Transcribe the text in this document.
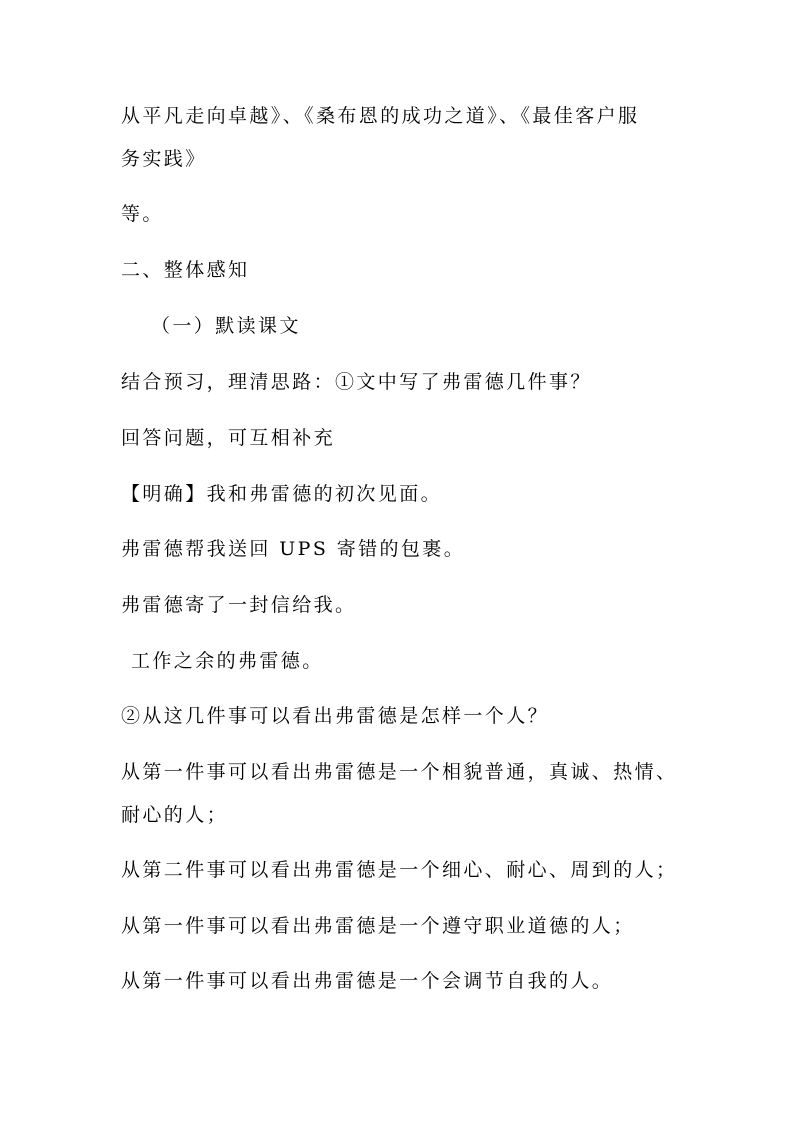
从平凡走向卓越》、《桑布恩的成功之道》、《最佳客户服
务实践》
等。
二、整体感知
（一）默读课文
结合预习，理清思路：①文中写了弗雷德几件事？
回答问题，可互相补充
【明确】我和弗雷德的初次见面。
弗雷德帮我送回 UPS 寄错的包裹。
弗雷德寄了一封信给我。
工作之余的弗雷德。
②从这几件事可以看出弗雷德是怎样一个人？
从第一件事可以看出弗雷德是一个相貌普通，真诚、热情、
耐心的人；
从第二件事可以看出弗雷德是一个细心、耐心、周到的人；
从第一件事可以看出弗雷德是一个遵守职业道德的人；
从第一件事可以看出弗雷德是一个会调节自我的人。
